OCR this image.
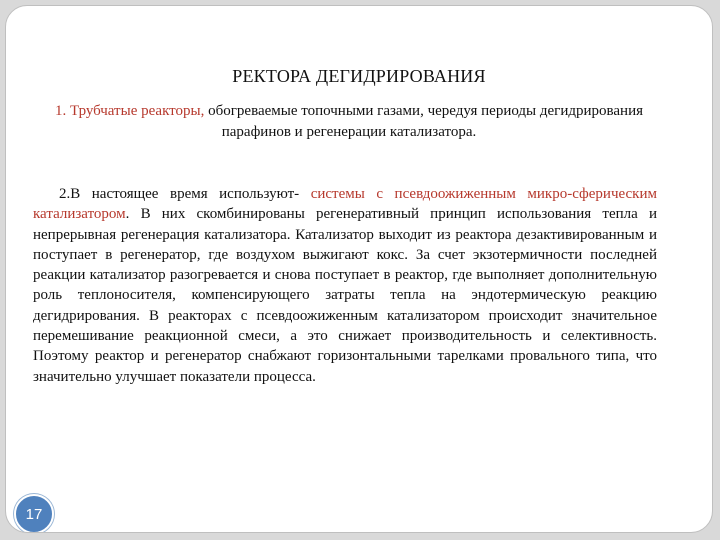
РЕКТОРА ДЕГИДРИРОВАНИЯ
1. Трубчатые реакторы, обогреваемые топочными газами, чередуя периоды дегидрирования парафинов и регенерации катализатора.
2.В настоящее время используют- системы с псевдоожиженным микро-сферическим катализатором. В них скомбинированы регенеративный принцип использования тепла и непрерывная регенерация катализатора. Катализатор выходит из реактора дезактивированным и поступает в регенератор, где воздухом выжигают кокс. За счет экзотермичности последней реакции катализатор разогревается и снова поступает в реактор, где выполняет дополнительную роль теплоносителя, компенсирующего затраты тепла на эндотермическую реакцию дегидрирования. В реакторах с псевдоожиженным катализатором происходит значительное перемешивание реакционной смеси, а это снижает производительность и селективность. Поэтому реактор и регенератор снабжают горизонтальными тарелками провального типа, что значительно улучшает показатели процесса.
17
